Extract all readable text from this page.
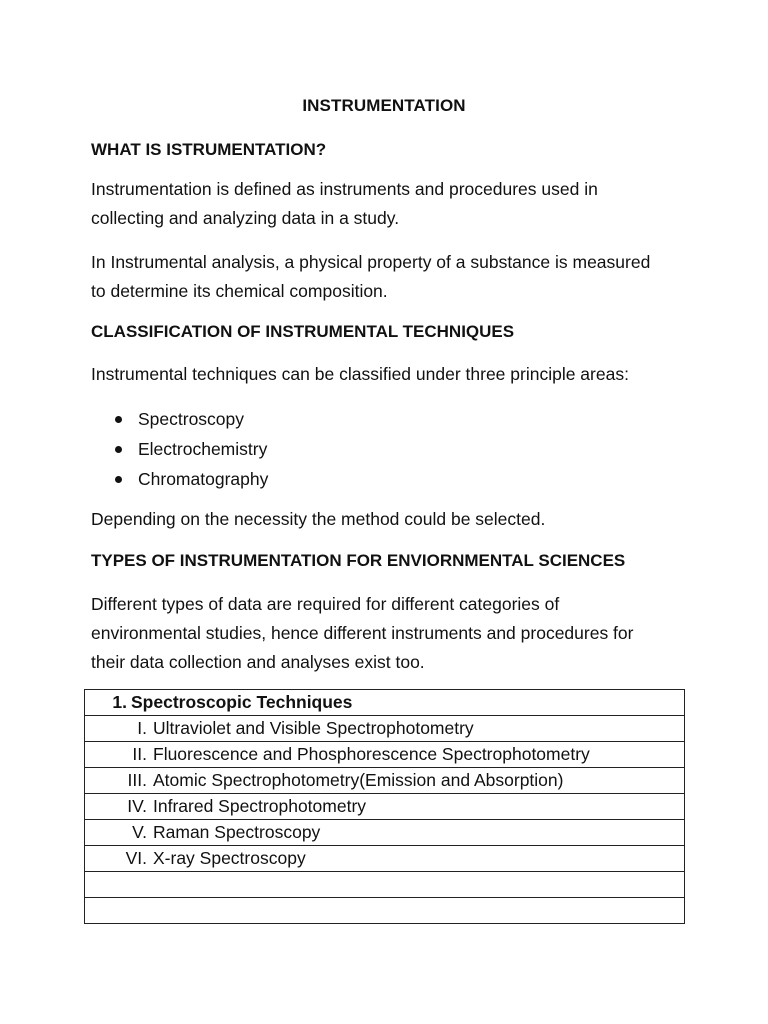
INSTRUMENTATION
WHAT IS ISTRUMENTATION?
Instrumentation is defined as instruments and procedures used in
collecting and analyzing data in a study.
In Instrumental analysis, a physical property of a substance is measured
to determine its chemical composition.
CLASSIFICATION OF INSTRUMENTAL TECHNIQUES
Instrumental techniques can be classified under three principle areas:
Spectroscopy
Electrochemistry
Chromatography
Depending on the necessity the method could be selected.
TYPES OF INSTRUMENTATION FOR ENVIORNMENTAL SCIENCES
Different types of data are required for different categories of
environmental studies, hence different instruments and procedures for
their data collection and analyses exist too.
1. Spectroscopic Techniques

I. Ultraviolet and Visible Spectrophotometry

II. Fluorescence and Phosphorescence Spectrophotometry

III. Atomic Spectrophotometry(Emission and Absorption)

IV. Infrared Spectrophotometry

V. Raman Spectroscopy

VI. X-ray Spectroscopy
